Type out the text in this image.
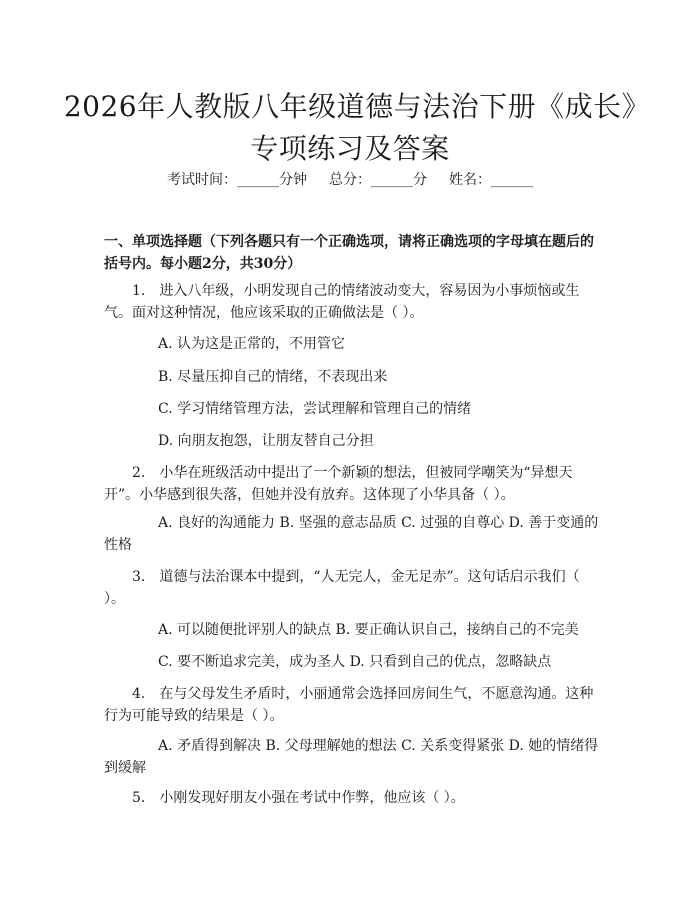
2026年人教版八年级道德与法治下册《成长》专项练习及答案
考试时间：______分钟 总分：______分 姓名：______
一、单项选择题（下列各题只有一个正确选项，请将正确选项的字母填在题后的括号内。每小题2分，共30分）
1.　进入八年级，小明发现自己的情绪波动变大，容易因为小事烦恼或生气。面对这种情况，他应该采取的正确做法是（ ）。
A. 认为这是正常的，不用管它
B. 尽量压抑自己的情绪，不表现出来
C. 学习情绪管理方法，尝试理解和管理自己的情绪
D. 向朋友抱怨，让朋友替自己分担
2.　小华在班级活动中提出了一个新颖的想法，但被同学嘲笑为“异想天开”。小华感到很失落，但她并没有放弃。这体现了小华具备（ ）。
A. 良好的沟通能力 B. 坚强的意志品质 C. 过强的自尊心 D. 善于变通的性格
3.　道德与法治课本中提到，“人无完人，金无足赤”。这句话启示我们（ ）。
A. 可以随便批评别人的缺点 B. 要正确认识自己，接纳自己的不完美
C. 要不断追求完美，成为圣人 D. 只看到自己的优点，忽略缺点
4.　在与父母发生矛盾时，小丽通常会选择回房间生气，不愿意沟通。这种行为可能导致的结果是（ ）。
A. 矛盾得到解决 B. 父母理解她的想法 C. 关系变得紧张 D. 她的情绪得到缓解
5.　小刚发现好朋友小强在考试中作弊，他应该（ ）。
